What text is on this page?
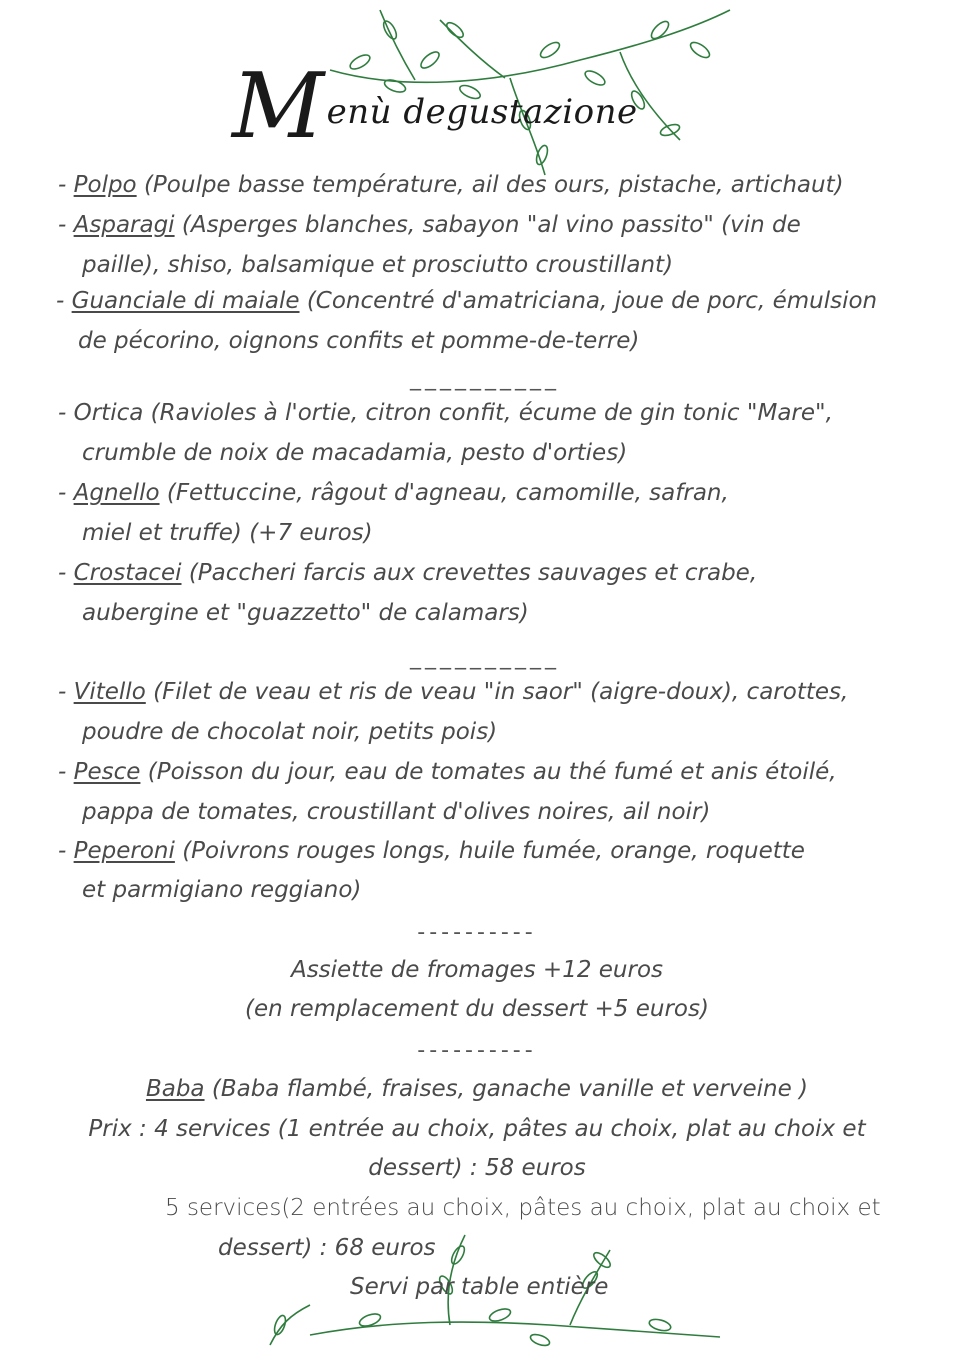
Menù degustazione
- Polpo (Poulpe basse température, ail des ours, pistache, artichaut)
- Asparagi (Asperges blanches, sabayon "al vino passito" (vin de
paille), shiso, balsamique et prosciutto croustillant)
- Guanciale di maiale (Concentré d'amatriciana, joue de porc, émulsion
de pécorino, oignons confits et pomme-de-terre)
__________
- Ortica (Ravioles à l'ortie, citron confit, écume de gin tonic "Mare",
crumble de noix de macadamia, pesto d'orties)
- Agnello (Fettuccine, râgout d'agneau, camomille, safran,
miel et truffe) (+7 euros)
- Crostacei (Paccheri farcis aux crevettes sauvages et crabe,
aubergine et "guazzetto" de calamars)
__________
- Vitello (Filet de veau et ris de veau "in saor" (aigre-doux), carottes,
poudre de chocolat noir, petits pois)
- Pesce (Poisson du jour, eau de tomates au thé fumé et anis étoilé,
pappa de tomates, croustillant d'olives noires, ail noir)
- Peperoni (Poivrons rouges longs, huile fumée, orange, roquette
et parmigiano reggiano)
----------
Assiette de fromages +12 euros
(en remplacement du dessert +5 euros)
----------
Baba (Baba flambé, fraises, ganache vanille et verveine )
Prix : 4 services (1 entrée au choix, pâtes au choix, plat au choix et
dessert) : 58 euros
5 services(2 entrées au choix, pâtes au choix, plat au choix et
dessert) : 68 euros
Servi par table entière
